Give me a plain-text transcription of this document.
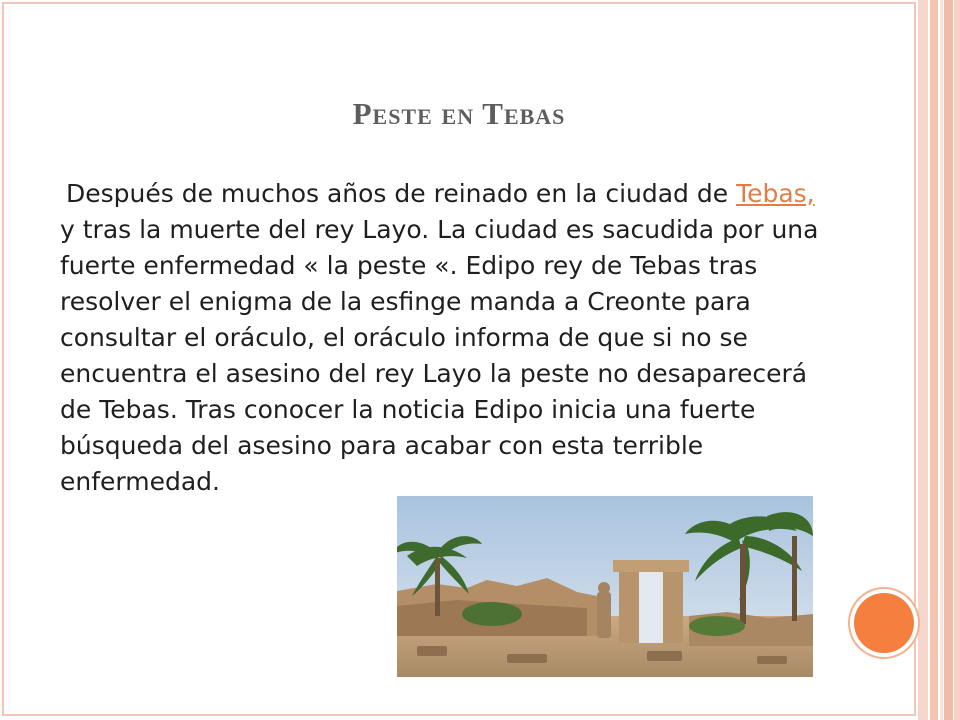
Peste en Tebas
Después de muchos años de reinado en la ciudad de Tebas, y tras la muerte del rey Layo. La ciudad es sacudida por una fuerte enfermedad « la peste «. Edipo rey de Tebas tras resolver el enigma de la esfinge manda a Creonte para consultar el oráculo, el oráculo informa de que si no se encuentra el asesino del rey Layo la peste no desaparecerá de Tebas. Tras conocer la noticia Edipo inicia una fuerte búsqueda del asesino para acabar con esta terrible enfermedad.
